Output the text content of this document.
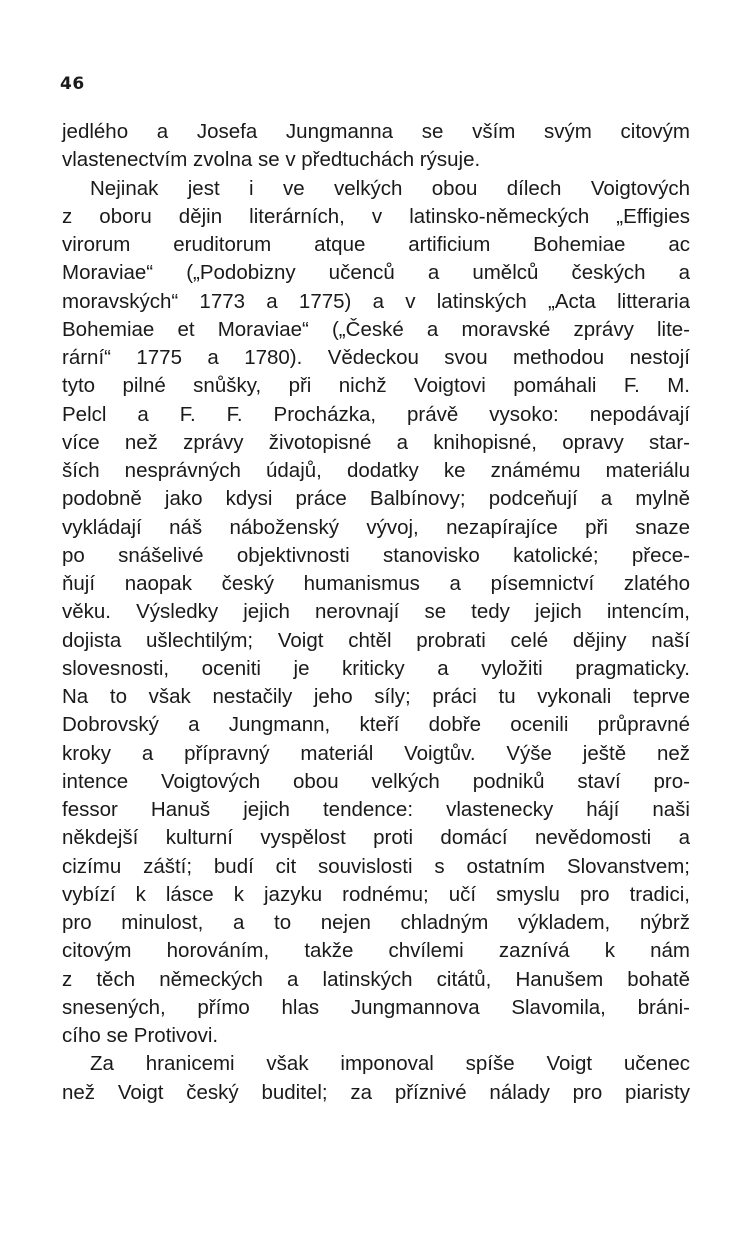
46
jedlého a Josefa Jungmanna se vším svým citovým
vlastenectvím zvolna se v předtuchách rýsuje.
Nejinak jest i ve velkých obou dílech Voigtových
z oboru dějin literárních, v latinsko-německých „Effigies
virorum eruditorum atque artificium Bohemiae ac
Moraviae“ („Podobizny učenců a umělců českých a
moravských“ 1773 a 1775) a v latinských „Acta litteraria
Bohemiae et Moraviae“ („České a moravské zprávy lite-
rární“ 1775 a 1780). Vědeckou svou methodou nestojí
tyto pilné snůšky, při nichž Voigtovi pomáhali F. M.
Pelcl a F. F. Procházka, právě vysoko: nepodávají
více než zprávy životopisné a knihopisné, opravy star-
ších nesprávných údajů, dodatky ke známému materiálu
podobně jako kdysi práce Balbínovy; podceňují a mylně
vykládají náš náboženský vývoj, nezapírajíce při snaze
po snášelivé objektivnosti stanovisko katolické; přece-
ňují naopak český humanismus a písemnictví zlatého
věku. Výsledky jejich nerovnají se tedy jejich intencím,
dojista ušlechtilým; Voigt chtěl probrati celé dějiny naší
slovesnosti, oceniti je kriticky a vyložiti pragmaticky.
Na to však nestačily jeho síly; práci tu vykonali teprve
Dobrovský a Jungmann, kteří dobře ocenili průpravné
kroky a přípravný materiál Voigtův. Výše ještě než
intence Voigtových obou velkých podniků staví pro-
fessor Hanuš jejich tendence: vlastenecky hájí naši
někdejší kulturní vyspělost proti domácí nevědomosti a
cizímu záští; budí cit souvislosti s ostatním Slovanstvem;
vybízí k lásce k jazyku rodnému; učí smyslu pro tradici,
pro minulost, a to nejen chladným výkladem, nýbrž
citovým horováním, takže chvílemi zaznívá k nám
z těch německých a latinských citátů, Hanušem bohatě
snesených, přímo hlas Jungmannova Slavomila, bráni-
cího se Protivovi.
Za hranicemi však imponoval spíše Voigt učenec
než Voigt český buditel; za příznivé nálady pro piaristy
